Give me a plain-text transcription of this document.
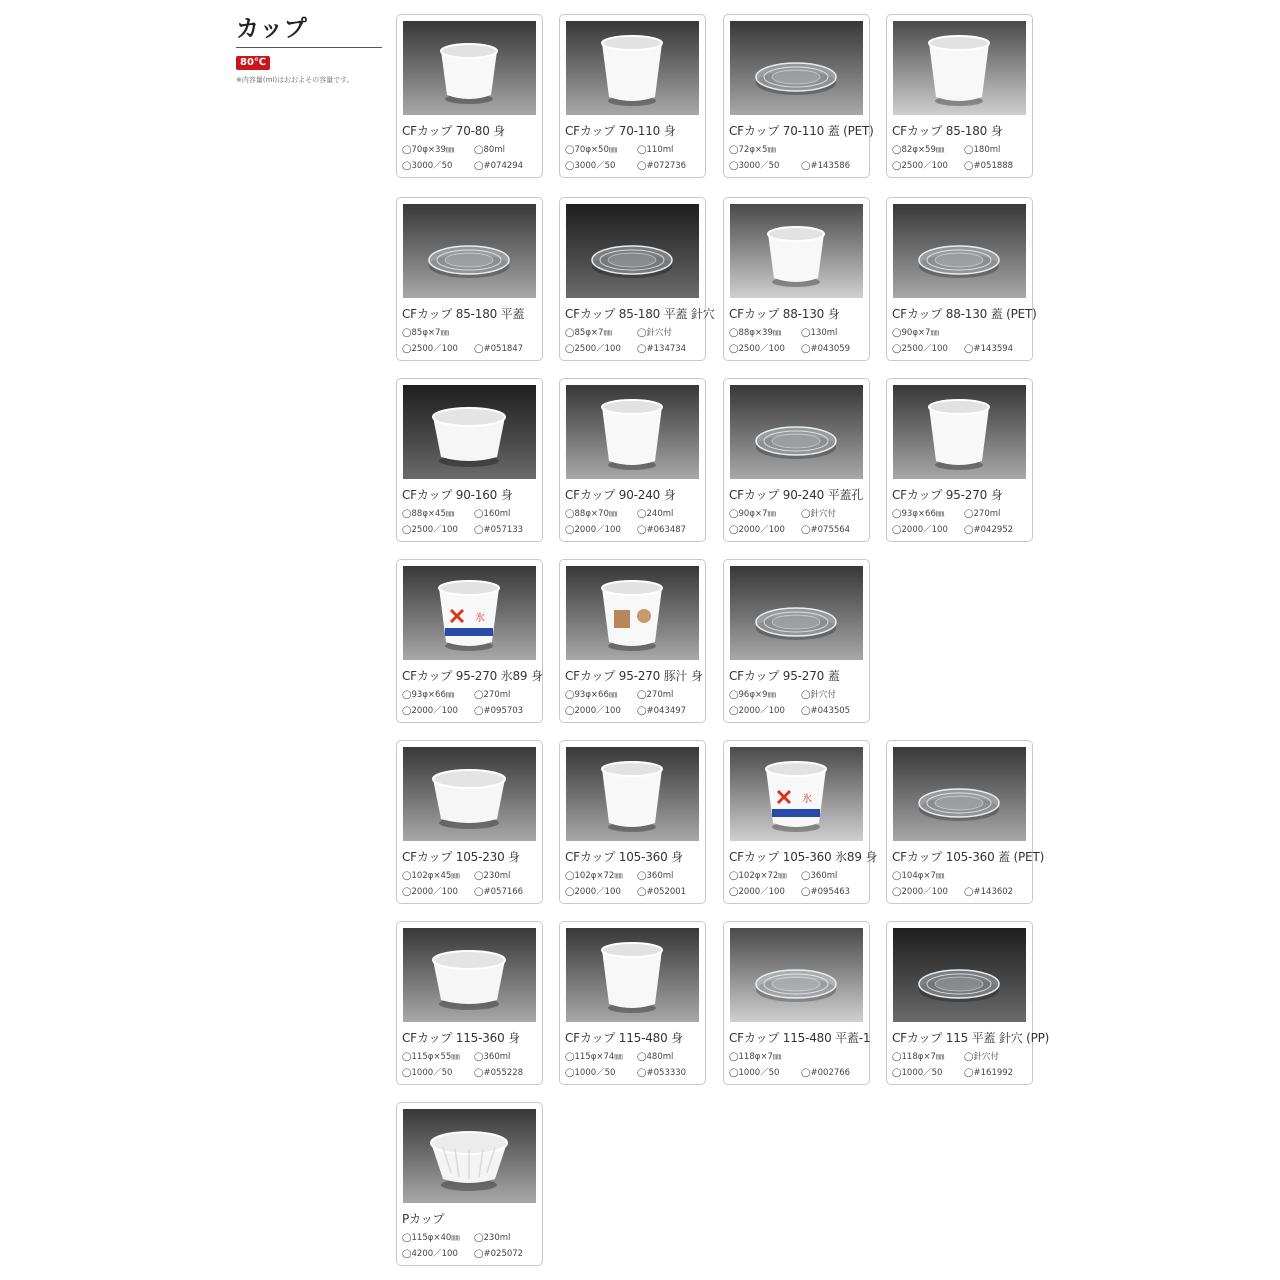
カップ
80℃
※内容量(ml)はおおよその容量です。
CFカップ 70-80 身
◯70φ×39㎜ ◯80ml
◯3000／50	◯#074294
CFカップ 70-110 身
◯70φ×50㎜ ◯110ml
◯3000／50	◯#072736
CFカップ 70-110 蓋 (PET)
◯72φ×5㎜
◯3000／50	◯#143586
CFカップ 85-180 身
◯82φ×59㎜ ◯180ml
◯2500／100 ◯#051888
CFカップ 85-180 平蓋
◯85φ×7㎜
◯2500／100 ◯#051847
CFカップ 85-180 平蓋 針穴
◯85φ×7㎜	◯針穴付
◯2500／100 ◯#134734
CFカップ 88-130 身
◯88φ×39㎜ ◯130ml
◯2500／100 ◯#043059
CFカップ 88-130 蓋 (PET)
◯90φ×7㎜
◯2500／100 ◯#143594
CFカップ 90-160 身
◯88φ×45㎜ ◯160ml
◯2500／100 ◯#057133
CFカップ 90-240 身
◯88φ×70㎜ ◯240ml
◯2000／100 ◯#063487
CFカップ 90-240 平蓋孔
◯90φ×7㎜	◯針穴付
◯2000／100 ◯#075564
CFカップ 95-270 身
◯93φ×66㎜ ◯270ml
◯2000／100 ◯#042952
氷
CFカップ 95-270 氷89 身
◯93φ×66㎜ ◯270ml
◯2000／100 ◯#095703
CFカップ 95-270 豚汁 身
◯93φ×66㎜ ◯270ml
◯2000／100 ◯#043497
CFカップ 95-270 蓋
◯96φ×9㎜	◯針穴付
◯2000／100 ◯#043505
CFカップ 105-230 身
◯102φ×45㎜ ◯230ml
◯2000／100 ◯#057166
CFカップ 105-360 身
◯102φ×72㎜ ◯360ml
◯2000／100 ◯#052001
氷
CFカップ 105-360 氷89 身
◯102φ×72㎜ ◯360ml
◯2000／100 ◯#095463
CFカップ 105-360 蓋 (PET)
◯104φ×7㎜
◯2000／100 ◯#143602
CFカップ 115-360 身
◯115φ×55㎜ ◯360ml
◯1000／50	◯#055228
CFカップ 115-480 身
◯115φ×74㎜ ◯480ml
◯1000／50	◯#053330
CFカップ 115-480 平蓋-1
◯118φ×7㎜
◯1000／50	◯#002766
CFカップ 115 平蓋 針穴 (PP)
◯118φ×7㎜ ◯針穴付
◯1000／50	◯#161992
Pカップ
◯115φ×40㎜ ◯230ml
◯4200／100 ◯#025072
